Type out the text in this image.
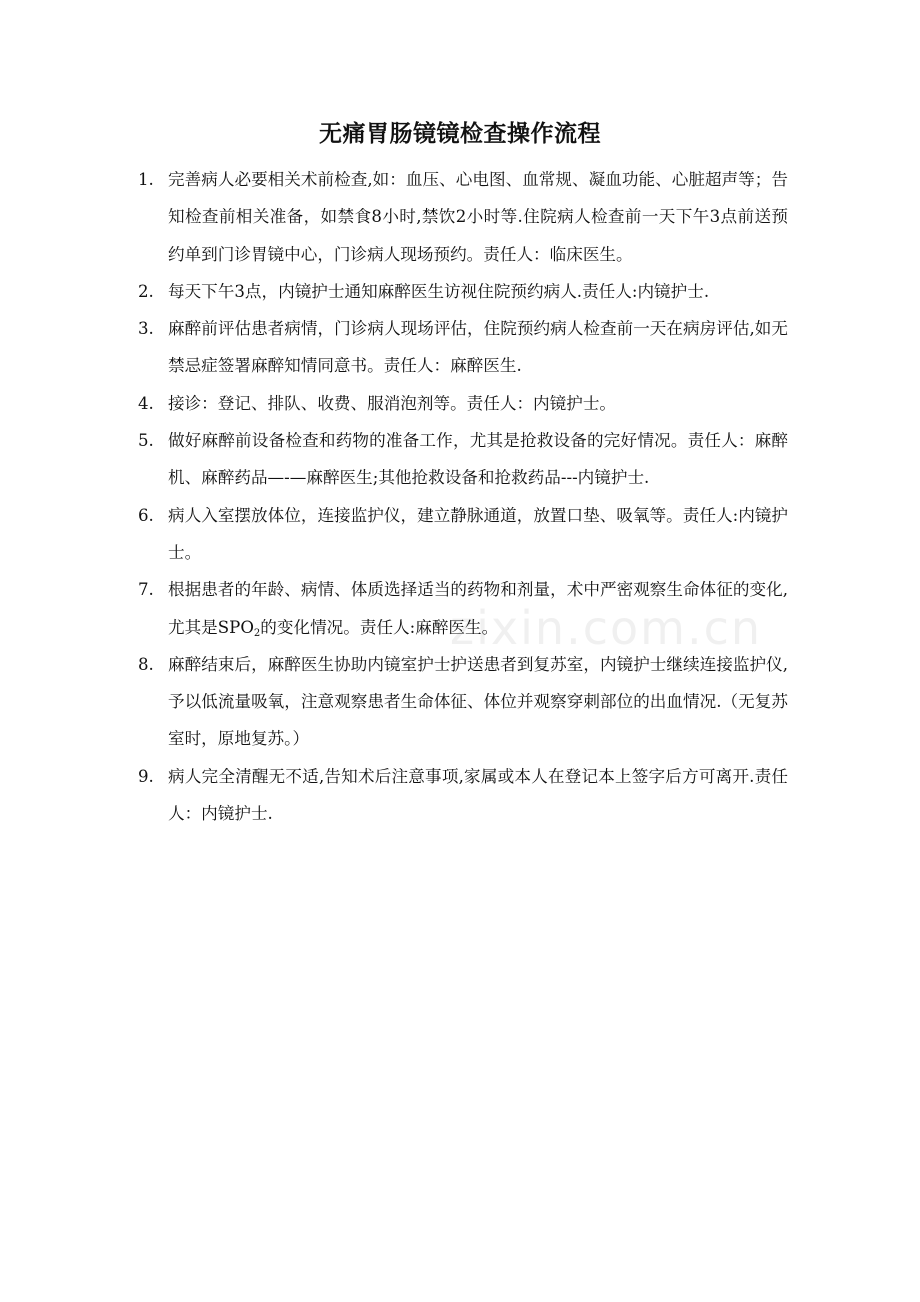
zixin.com.cn
无痛胃肠镜镜检查操作流程
1. 完善病人必要相关术前检查,如：血压、心电图、血常规、凝血功能、心脏超声等；告知检查前相关准备，如禁食8小时,禁饮2小时等.住院病人检查前一天下午3点前送预约单到门诊胃镜中心，门诊病人现场预约。责任人：临床医生。
2. 每天下午3点，内镜护士通知麻醉医生访视住院预约病人.责任人:内镜护士.
3. 麻醉前评估患者病情，门诊病人现场评估，住院预约病人检查前一天在病房评估,如无禁忌症签署麻醉知情同意书。责任人：麻醉医生.
4. 接诊：登记、排队、收费、服消泡剂等。责任人：内镜护士。
5. 做好麻醉前设备检查和药物的准备工作，尤其是抢救设备的完好情况。责任人：麻醉机、麻醉药品—-—麻醉医生;其他抢救设备和抢救药品---内镜护士.
6. 病人入室摆放体位，连接监护仪，建立静脉通道，放置口垫、吸氧等。责任人:内镜护士。
7. 根据患者的年龄、病情、体质选择适当的药物和剂量，术中严密观察生命体征的变化,尤其是$SPO_2$的变化情况。责任人:麻醉医生。
8. 麻醉结束后，麻醉医生协助内镜室护士护送患者到复苏室，内镜护士继续连接监护仪,予以低流量吸氧，注意观察患者生命体征、体位并观察穿刺部位的出血情况.（无复苏室时，原地复苏。）
9. 病人完全清醒无不适,告知术后注意事项,家属或本人在登记本上签字后方可离开.责任人：内镜护士.
